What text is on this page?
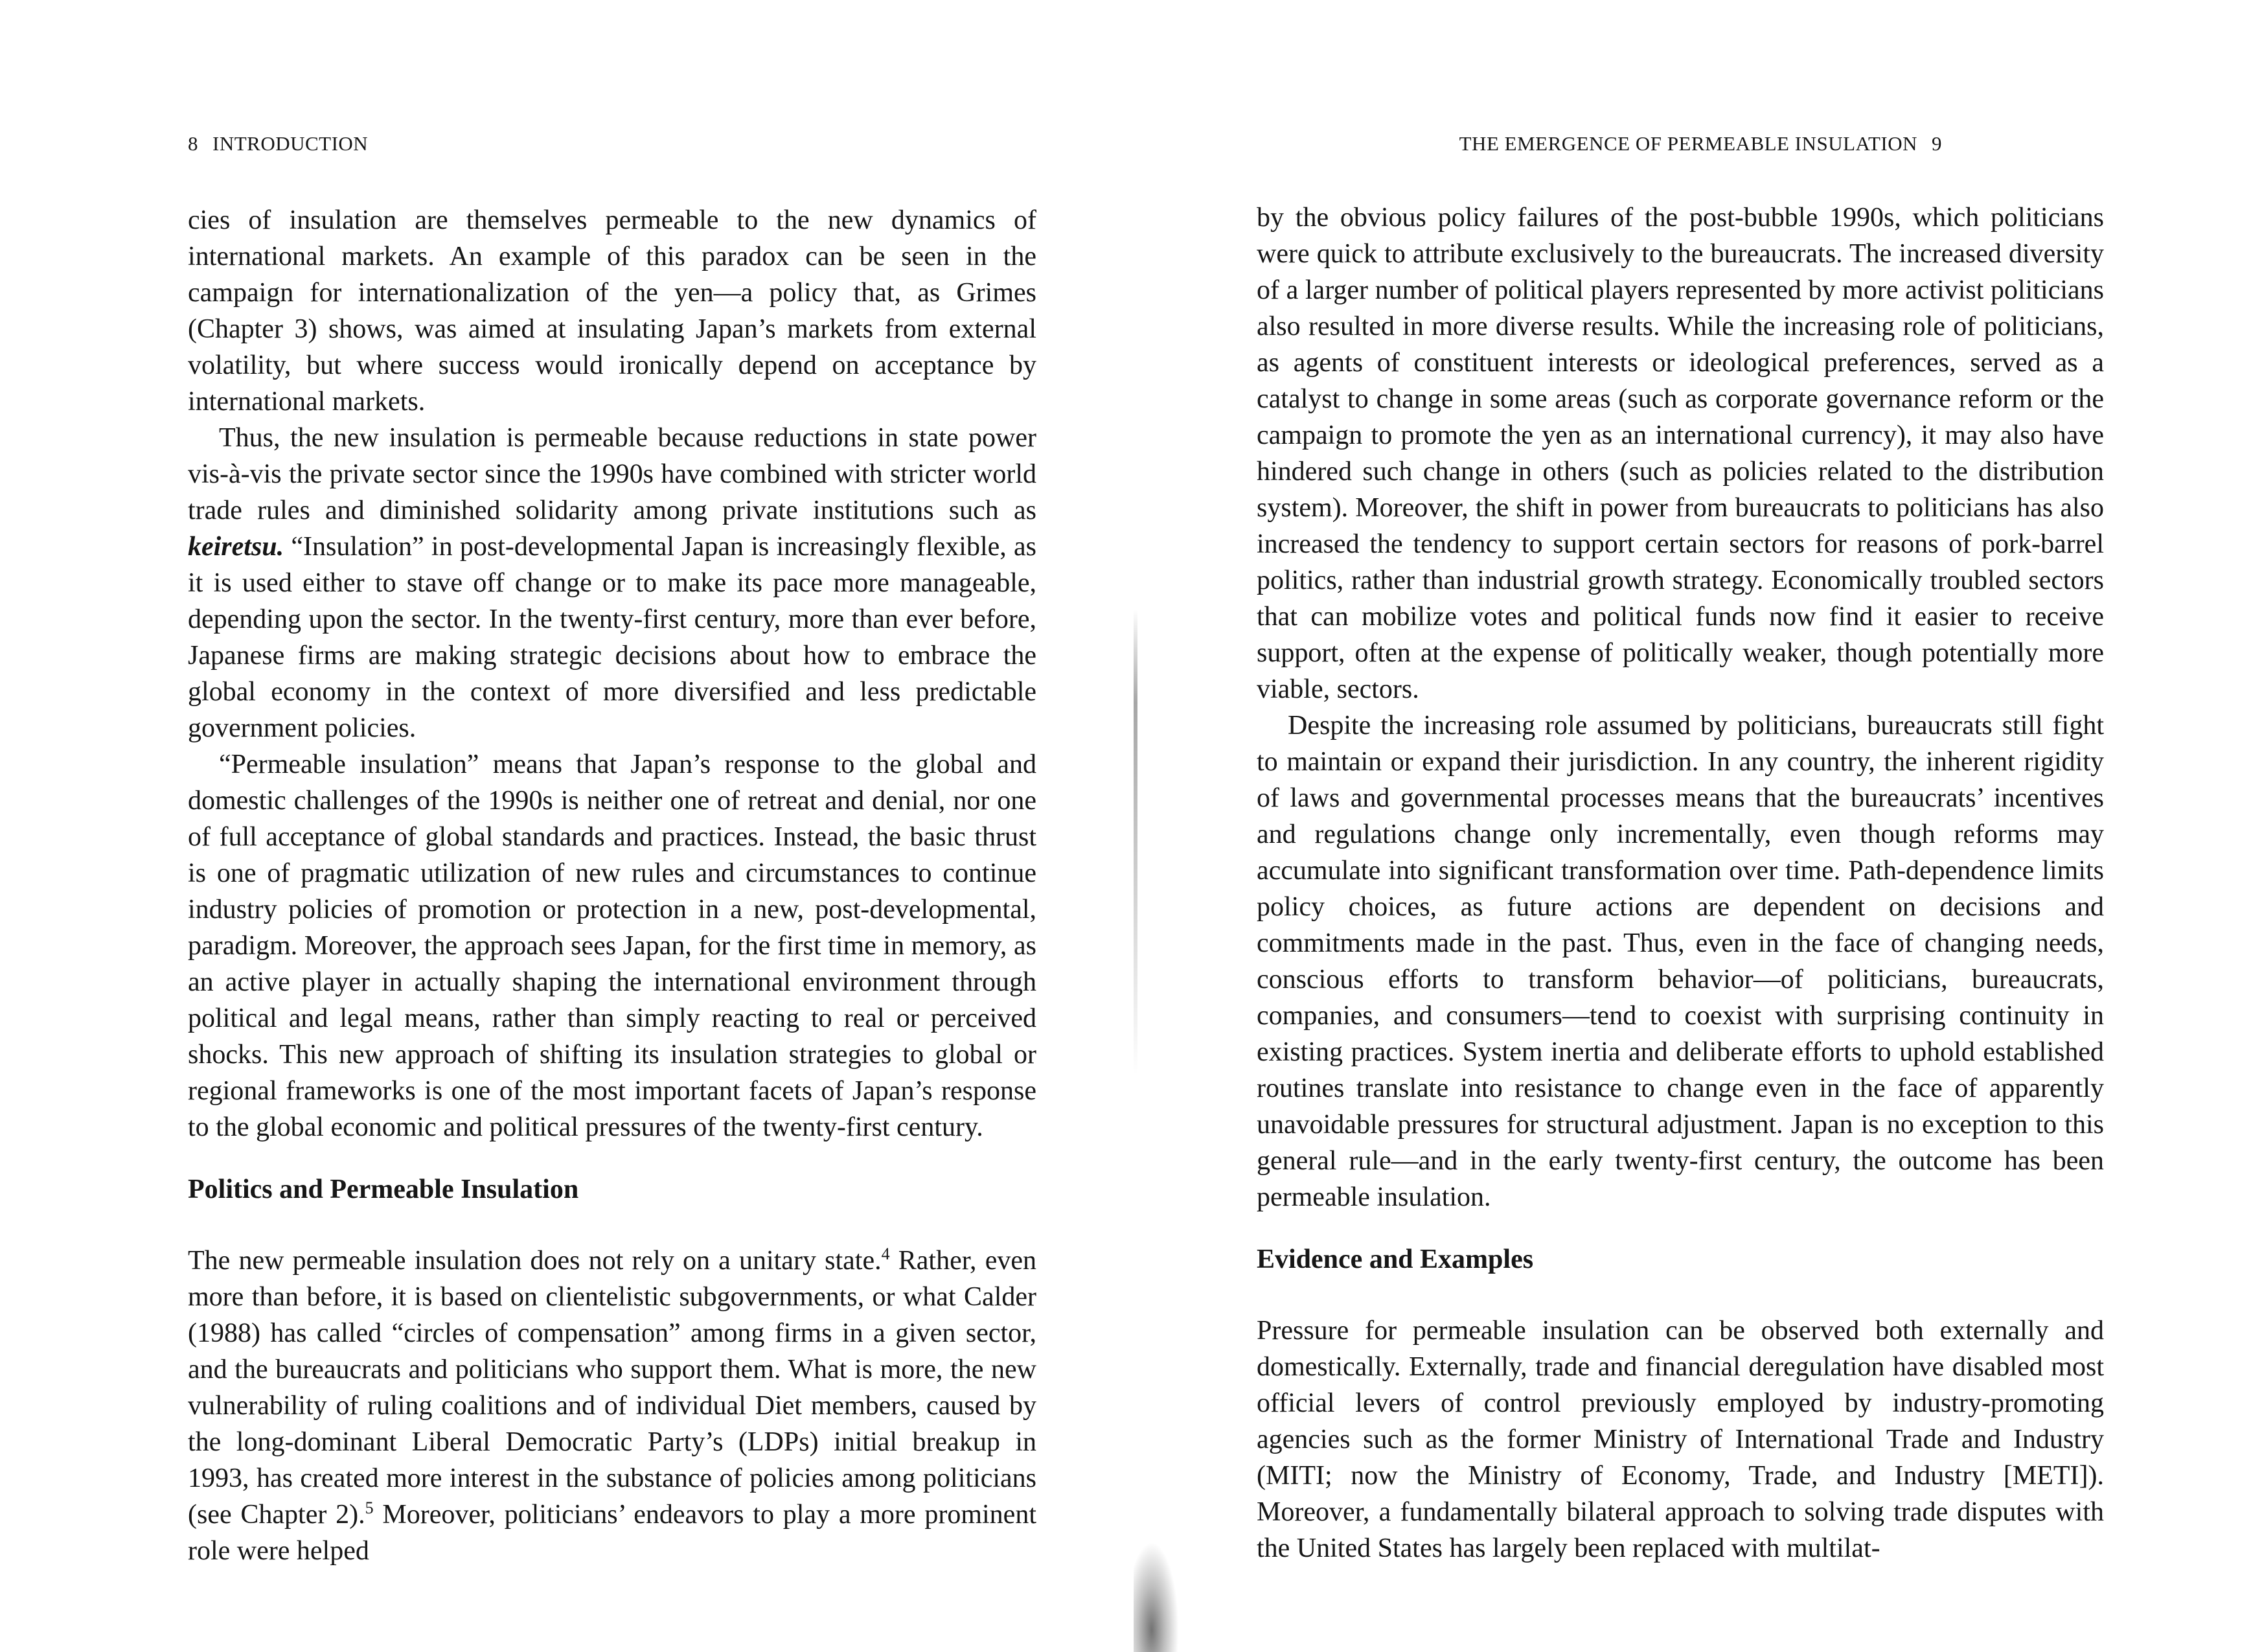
8 INTRODUCTION

cies of insulation are themselves permeable to the new dynamics of international markets. An example of this paradox can be seen in the campaign for internationalization of the yen—a policy that, as Grimes (Chapter 3) shows, was aimed at insulating Japan’s markets from external volatility, but where success would ironically depend on acceptance by international markets.

Thus, the new insulation is permeable because reductions in state power vis-à-vis the private sector since the 1990s have combined with stricter world trade rules and diminished solidarity among private institutions such as keiretsu. “Insulation” in post-developmental Japan is increasingly flexible, as it is used either to stave off change or to make its pace more manageable, depending upon the sector. In the twenty-first century, more than ever before, Japanese firms are making strategic decisions about how to embrace the global economy in the context of more diversified and less predictable government policies.

“Permeable insulation” means that Japan’s response to the global and domestic challenges of the 1990s is neither one of retreat and denial, nor one of full acceptance of global standards and practices. Instead, the basic thrust is one of pragmatic utilization of new rules and circumstances to continue industry policies of promotion or protection in a new, post-developmental, paradigm. Moreover, the approach sees Japan, for the first time in memory, as an active player in actually shaping the international environment through political and legal means, rather than simply reacting to real or perceived shocks. This new approach of shifting its insulation strategies to global or regional frameworks is one of the most important facets of Japan’s response to the global economic and political pressures of the twenty-first century.

Politics and Permeable Insulation

The new permeable insulation does not rely on a unitary state.$^4$ Rather, even more than before, it is based on clientelistic subgovernments, or what Calder (1988) has called “circles of compensation” among firms in a given sector, and the bureaucrats and politicians who support them. What is more, the new vulnerability of ruling coalitions and of individual Diet members, caused by the long-dominant Liberal Democratic Party’s (LDPs) initial breakup in 1993, has created more interest in the substance of policies among politicians (see Chapter 2).$^5$ Moreover, politicians’ endeavors to play a more prominent role were helped

THE EMERGENCE OF PERMEABLE INSULATION 9

by the obvious policy failures of the post-bubble 1990s, which politicians were quick to attribute exclusively to the bureaucrats. The increased diversity of a larger number of political players represented by more activist politicians also resulted in more diverse results. While the increasing role of politicians, as agents of constituent interests or ideological preferences, served as a catalyst to change in some areas (such as corporate governance reform or the campaign to promote the yen as an international currency), it may also have hindered such change in others (such as policies related to the distribution system). Moreover, the shift in power from bureaucrats to politicians has also increased the tendency to support certain sectors for reasons of pork-barrel politics, rather than industrial growth strategy. Economically troubled sectors that can mobilize votes and political funds now find it easier to receive support, often at the expense of politically weaker, though potentially more viable, sectors.

Despite the increasing role assumed by politicians, bureaucrats still fight to maintain or expand their jurisdiction. In any country, the inherent rigidity of laws and governmental processes means that the bureaucrats’ incentives and regulations change only incrementally, even though reforms may accumulate into significant transformation over time. Path-dependence limits policy choices, as future actions are dependent on decisions and commitments made in the past. Thus, even in the face of changing needs, conscious efforts to transform behavior—of politicians, bureaucrats, companies, and consumers—tend to coexist with surprising continuity in existing practices. System inertia and deliberate efforts to uphold established routines translate into resistance to change even in the face of apparently unavoidable pressures for structural adjustment. Japan is no exception to this general rule—and in the early twenty-first century, the outcome has been permeable insulation.

Evidence and Examples

Pressure for permeable insulation can be observed both externally and domestically. Externally, trade and financial deregulation have disabled most official levers of control previously employed by industry-promoting agencies such as the former Ministry of International Trade and Industry (MITI; now the Ministry of Economy, Trade, and Industry [METI]). Moreover, a fundamentally bilateral approach to solving trade disputes with the United States has largely been replaced with multilat-
